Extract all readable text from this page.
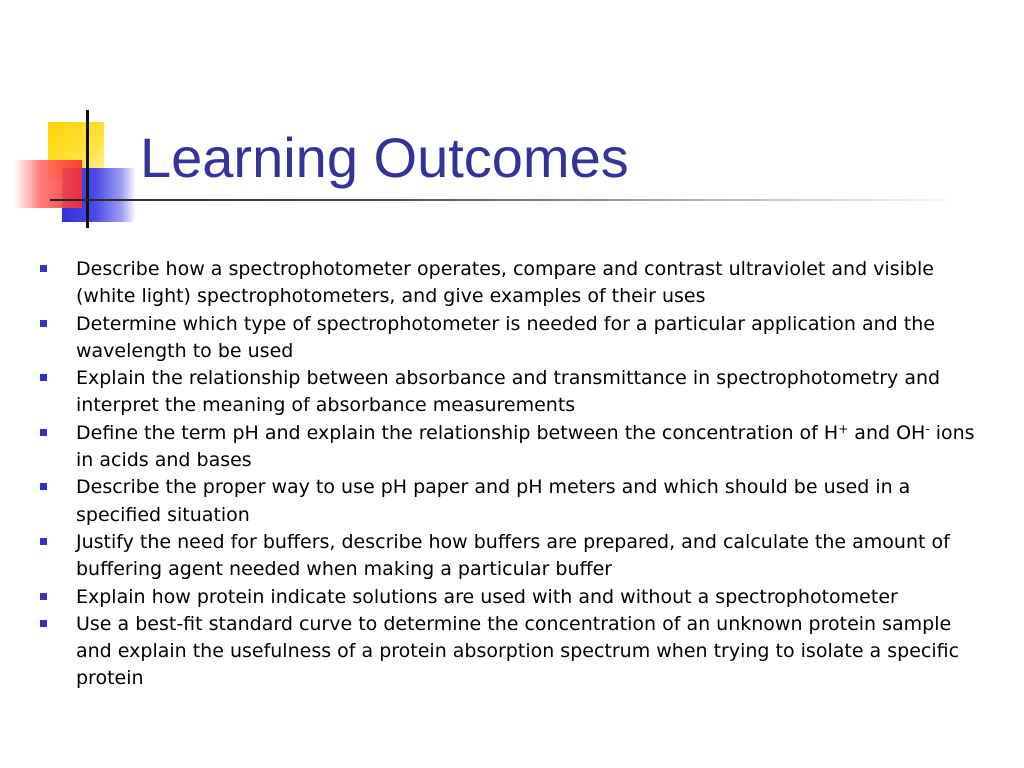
Learning Outcomes
Describe how a spectrophotometer operates, compare and contrast ultraviolet and visible (white light) spectrophotometers, and give examples of their uses
Determine which type of spectrophotometer is needed for a particular application and the wavelength to be used
Explain the relationship between absorbance and transmittance in spectrophotometry and interpret the meaning of absorbance measurements
Define the term pH and explain the relationship between the concentration of H+ and OH- ions in acids and bases
Describe the proper way to use pH paper and pH meters and which should be used in a specified situation
Justify the need for buffers, describe how buffers are prepared, and calculate the amount of buffering agent needed when making a particular buffer
Explain how protein indicate solutions are used with and without a spectrophotometer
Use a best-fit standard curve to determine the concentration of an unknown protein sample and explain the usefulness of a protein absorption spectrum when trying to isolate a specific protein
